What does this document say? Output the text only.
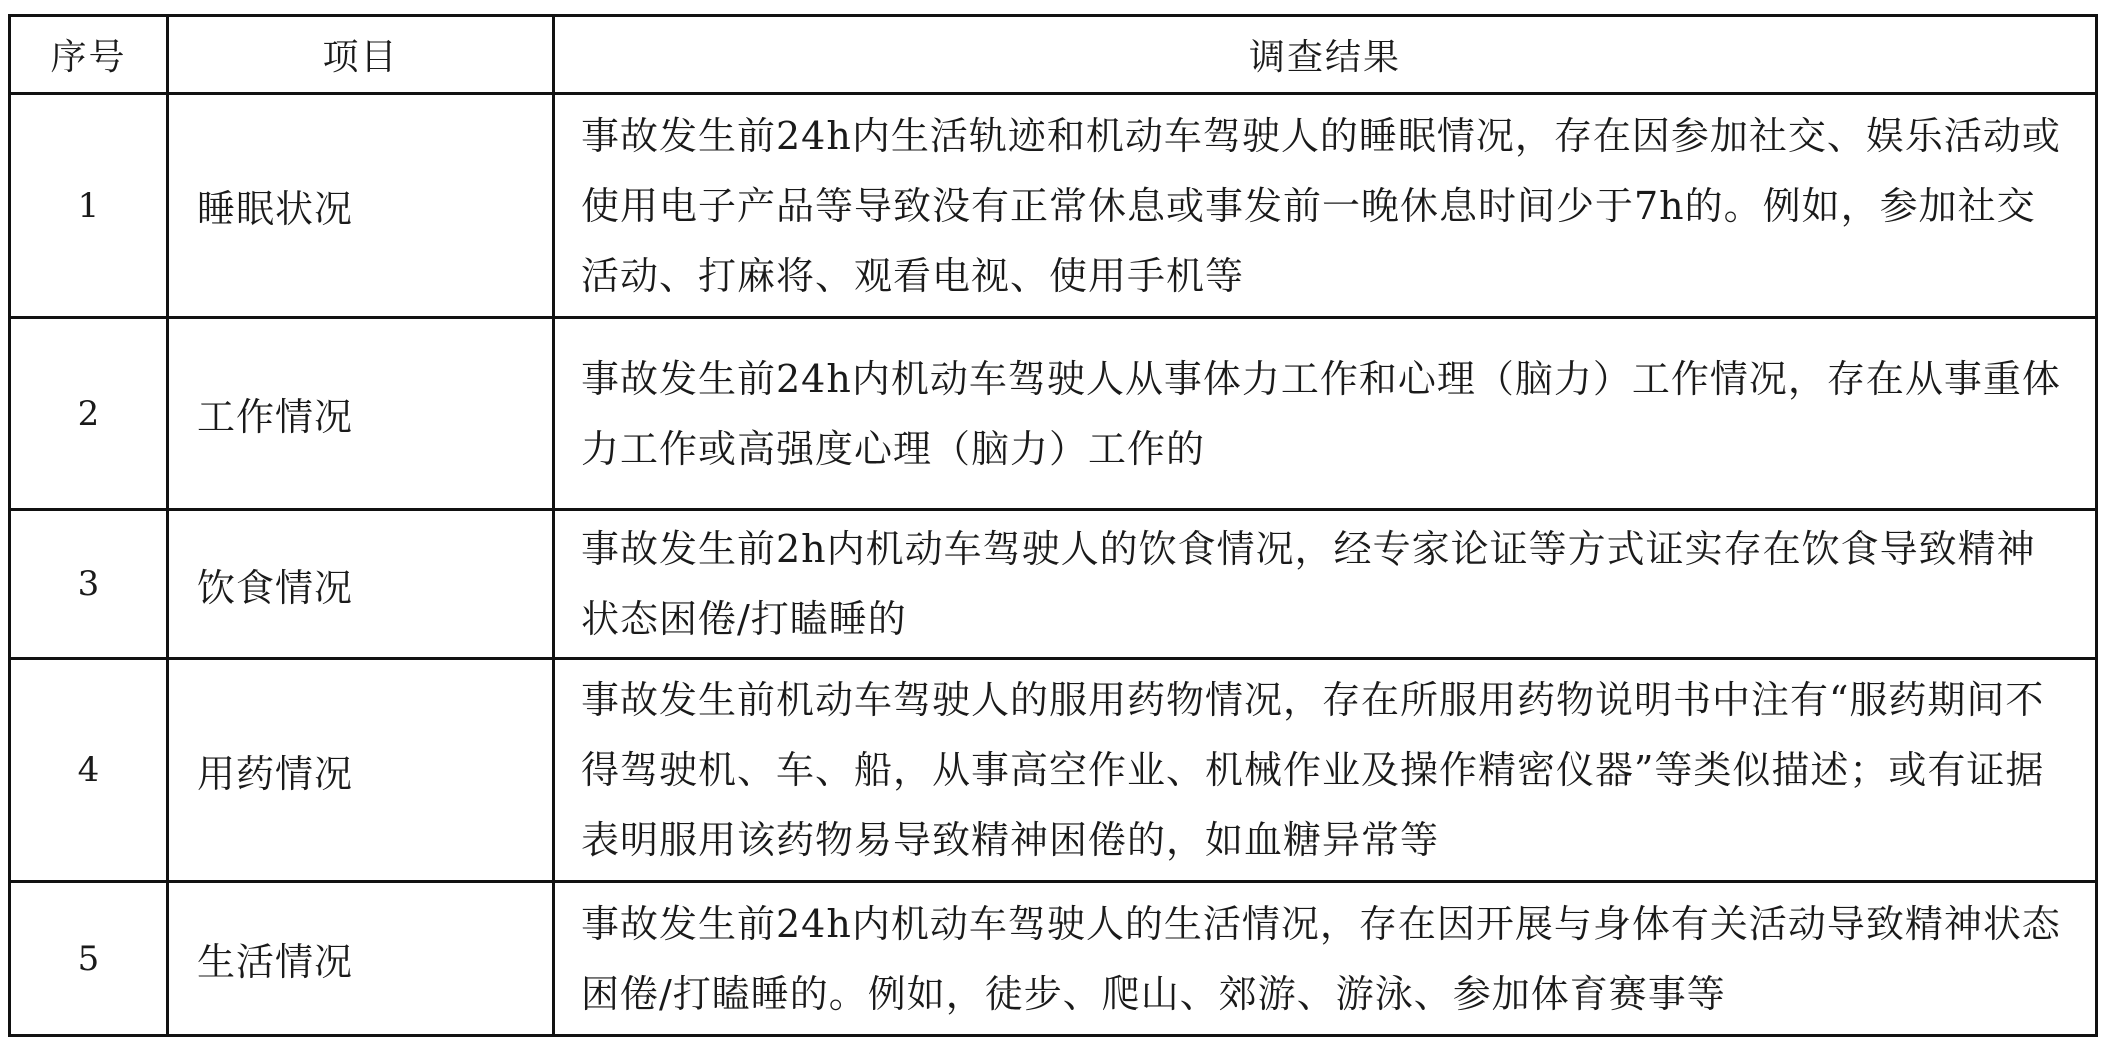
序号	项目	调查结果
1	睡眠状况	事故发生前24h内生活轨迹和机动车驾驶人的睡眠情况，存在因参加社交、娱乐活动或使用电子产品等导致没有正常休息或事发前一晚休息时间少于7h的。例如，参加社交活动、打麻将、观看电视、使用手机等
2	工作情况	事故发生前24h内机动车驾驶人从事体力工作和心理（脑力）工作情况，存在从事重体力工作或高强度心理（脑力）工作的
3	饮食情况	事故发生前2h内机动车驾驶人的饮食情况，经专家论证等方式证实存在饮食导致精神状态困倦/打瞌睡的
4	用药情况	事故发生前机动车驾驶人的服用药物情况，存在所服用药物说明书中注有“服药期间不得驾驶机、车、船，从事高空作业、机械作业及操作精密仪器”等类似描述；或有证据表明服用该药物易导致精神困倦的，如血糖异常等
5	生活情况	事故发生前24h内机动车驾驶人的生活情况，存在因开展与身体有关活动导致精神状态困倦/打瞌睡的。例如，徒步、爬山、郊游、游泳、参加体育赛事等
